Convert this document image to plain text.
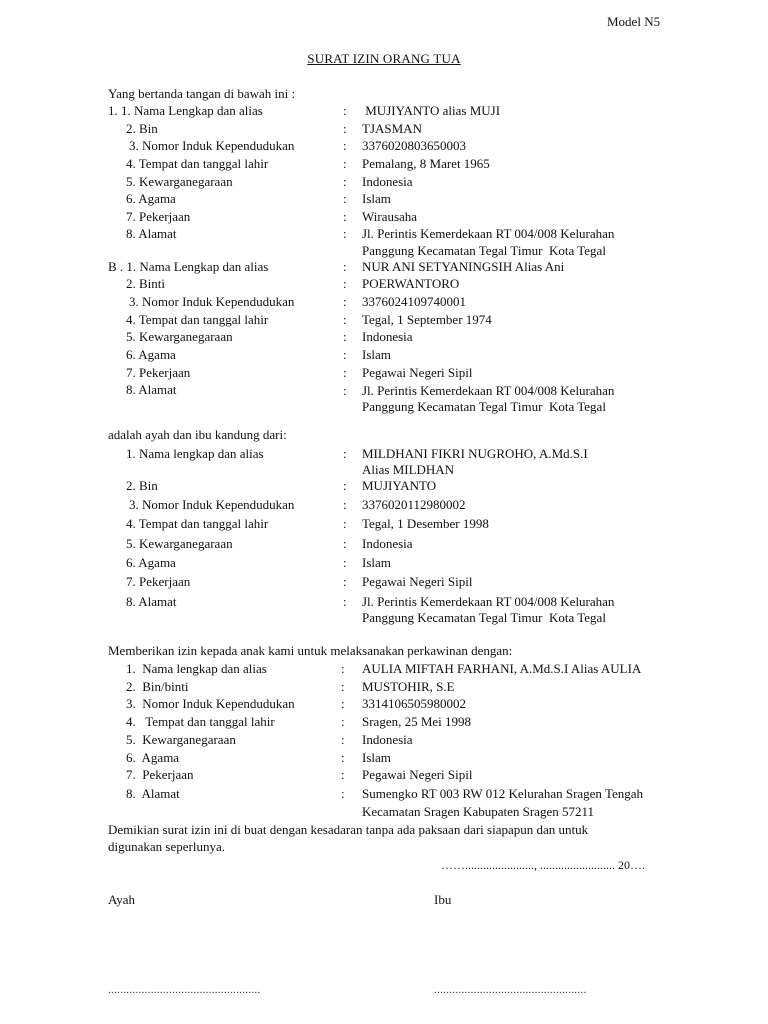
Model N5
SURAT IZIN ORANG TUA
Yang bertanda tangan di bawah ini :
1. 1. Nama Lengkap dan alias	: MUJIYANTO alias MUJI
2. Bin	: TJASMAN
3. Nomor Induk Kependudukan	: 3376020803650003
4. Tempat dan tanggal lahir	: Pemalang, 8 Maret 1965
5. Kewarganegaraan	: Indonesia
6. Agama	: Islam
7. Pekerjaan	: Wirausaha
8. Alamat	: Jl. Perintis Kemerdekaan RT 004/008 Kelurahan
Panggung Kecamatan Tegal Timur  Kota Tegal
B . 1. Nama Lengkap dan alias	: NUR ANI SETYANINGSIH Alias Ani
2. Binti	: POERWANTORO
3. Nomor Induk Kependudukan	: 3376024109740001
4. Tempat dan tanggal lahir	: Tegal, 1 September 1974
5. Kewarganegaraan	: Indonesia
6. Agama	: Islam
7. Pekerjaan	: Pegawai Negeri Sipil
8. Alamat	: Jl. Perintis Kemerdekaan RT 004/008 Kelurahan
Panggung Kecamatan Tegal Timur  Kota Tegal
adalah ayah dan ibu kandung dari:
1. Nama lengkap dan alias	: MILDHANI FIKRI NUGROHO, A.Md.S.I
Alias MILDHAN
2. Bin	: MUJIYANTO
3. Nomor Induk Kependudukan	: 3376020112980002
4. Tempat dan tanggal lahir	: Tegal, 1 Desember 1998
5. Kewarganegaraan	: Indonesia
6. Agama	: Islam
7. Pekerjaan	: Pegawai Negeri Sipil
8. Alamat	: Jl. Perintis Kemerdekaan RT 004/008 Kelurahan
Panggung Kecamatan Tegal Timur  Kota Tegal
Memberikan izin kepada anak kami untuk melaksanakan perkawinan dengan:
1.  Nama lengkap dan alias	: AULIA MIFTAH FARHANI, A.Md.S.I Alias AULIA
2.  Bin/binti	: MUSTOHIR, S.E
3.  Nomor Induk Kependudukan	: 3314106505980002
4.   Tempat dan tanggal lahir	: Sragen, 25 Mei 1998
5.  Kewarganegaraan	: Indonesia
6.  Agama	: Islam
7.  Pekerjaan	: Pegawai Negeri Sipil
8.  Alamat	: Sumengko RT 003 RW 012 Kelurahan Sragen Tengah
Kecamatan Sragen Kabupaten Sragen 57211
Demikian surat izin ini di buat dengan kesadaran tanpa ada paksaan dari siapapun dan untuk
digunakan seperlunya.
……......................., ......................... 20….
Ayah	Ibu
..................................................	..................................................
